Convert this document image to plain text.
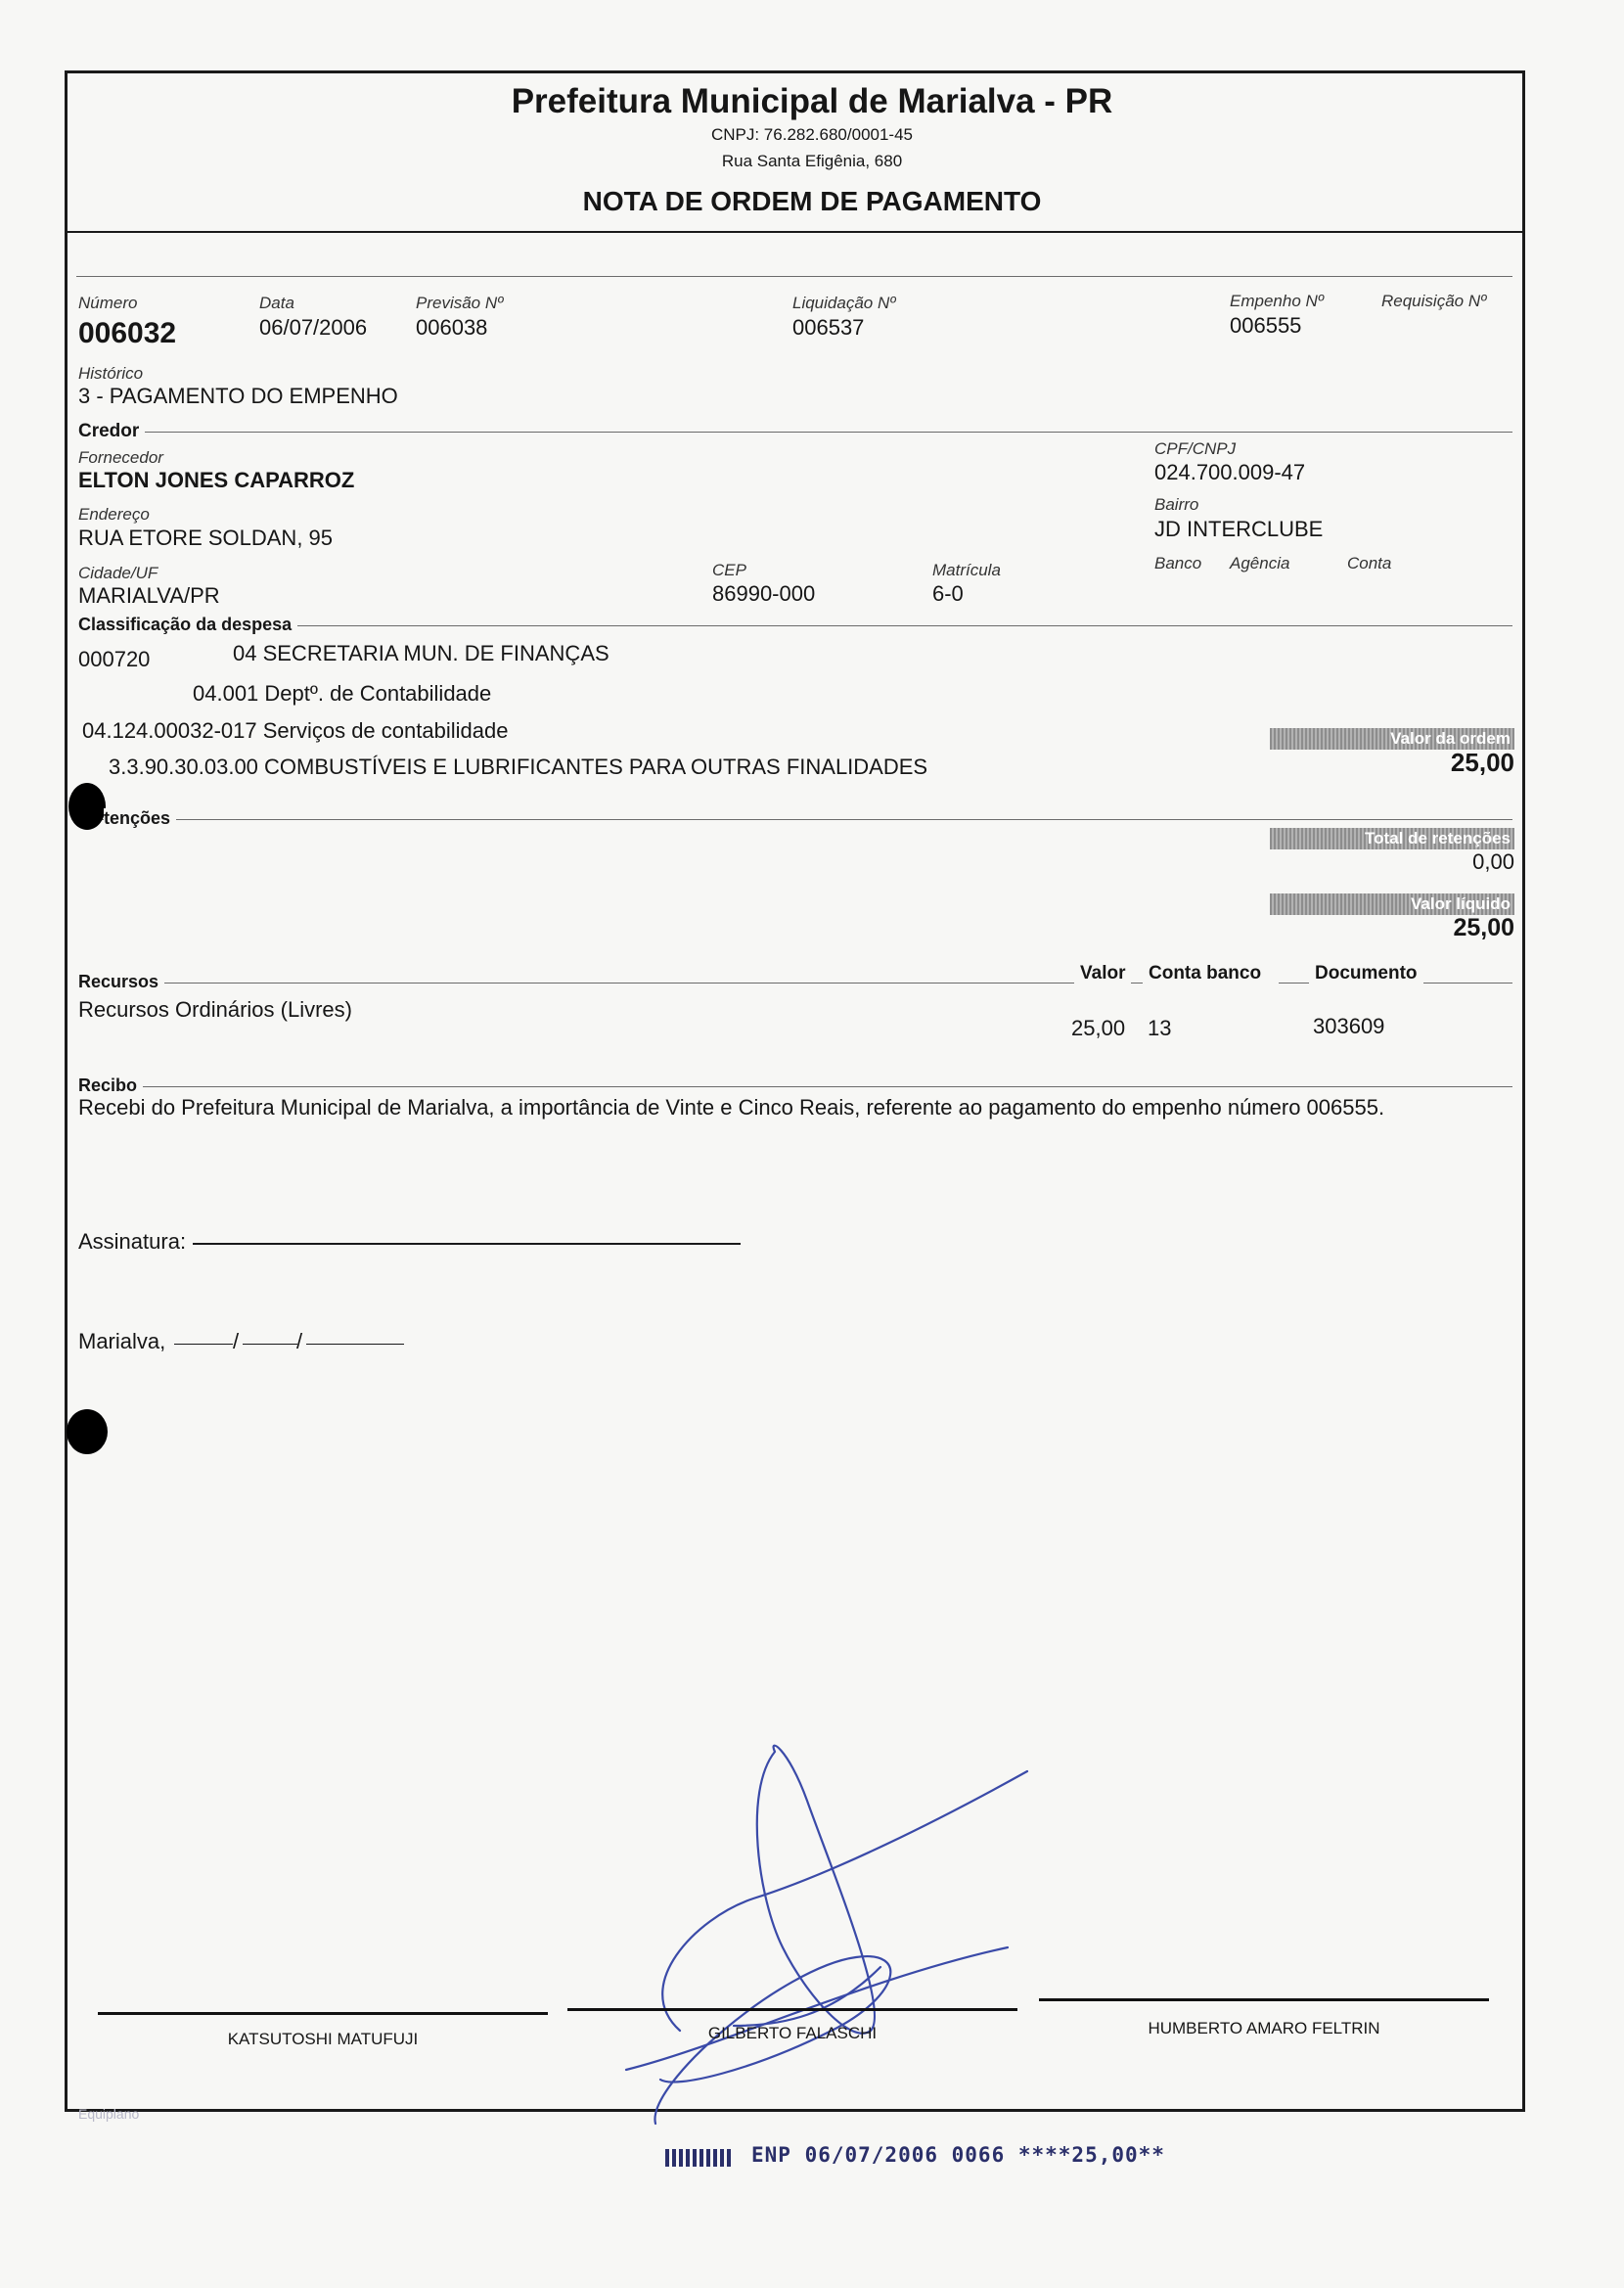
Prefeitura Municipal de Marialva - PR
CNPJ: 76.282.680/0001-45
Rua Santa Efigênia, 680
NOTA DE ORDEM DE PAGAMENTO
Número
006032
Data
06/07/2006
Previsão Nº
006038
Liquidação Nº
006537
Empenho Nº
006555
Requisição Nº
Histórico
3 - PAGAMENTO DO EMPENHO
Credor
Fornecedor
ELTON JONES CAPARROZ
CPF/CNPJ
024.700.009-47
Endereço
RUA ETORE SOLDAN, 95
Bairro
JD INTERCLUBE
Cidade/UF
MARIALVA/PR
CEP
86990-000
Matrícula
6-0
Banco Agência	Conta
Classificação da despesa
000720	04 SECRETARIA MUN. DE FINANÇAS
04.001 Deptº. de Contabilidade
04.124.00032-017 Serviços de contabilidade
3.3.90.30.03.00 COMBUSTÍVEIS E LUBRIFICANTES PARA OUTRAS FINALIDADES
Valor da ordem
25,00
tenções
Total de retenções
0,00
Valor líquido
25,00
Recursos	Valor	Conta banco	Documento
Recursos Ordinários (Livres)
25,00 13	303609
Recibo
Recebi do Prefeitura Municipal de Marialva, a importância de Vinte e Cinco Reais, referente ao pagamento do empenho número 006555.
Assinatura:
Marialva,	/	/
KATSUTOSHI MATUFUJI	GILBERTO FALASCHI	HUMBERTO AMARO FELTRIN
Equiplano
ENP 06/07/2006 0066 ****25,00**
